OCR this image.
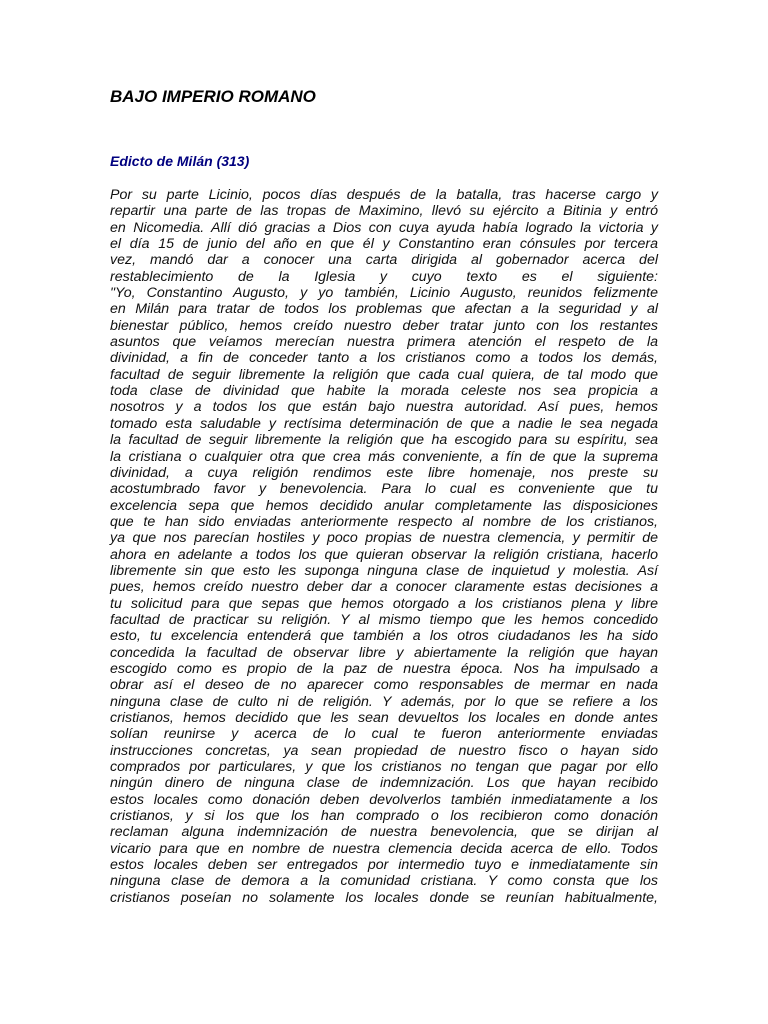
BAJO IMPERIO ROMANO
Edicto de Milán (313)
Por su parte Licinio, pocos días después de la batalla, tras hacerse cargo y
repartir una parte de las tropas de Maximino, llevó su ejército a Bitinia y entró
en Nicomedia. Allí dió gracias a Dios con cuya ayuda había logrado la victoria y
el día 15 de junio del año en que él y Constantino eran cónsules por tercera
vez, mandó dar a conocer una carta dirigida al gobernador acerca del
restablecimiento de la Iglesia y cuyo texto es el siguiente:
"Yo, Constantino Augusto, y yo también, Licinio Augusto, reunidos felizmente
en Milán para tratar de todos los problemas que afectan a la seguridad y al
bienestar público, hemos creído nuestro deber tratar junto con los restantes
asuntos que veíamos merecían nuestra primera atención el respeto de la
divinidad, a fin de conceder tanto a los cristianos como a todos los demás,
facultad de seguir libremente la religión que cada cual quiera, de tal modo que
toda clase de divinidad que habite la morada celeste nos sea propicia a
nosotros y a todos los que están bajo nuestra autoridad. Así pues, hemos
tomado esta saludable y rectísima determinación de que a nadie le sea negada
la facultad de seguir libremente la religión que ha escogido para su espíritu, sea
la cristiana o cualquier otra que crea más conveniente, a fín de que la suprema
divinidad, a cuya religión rendimos este libre homenaje, nos preste su
acostumbrado favor y benevolencia. Para lo cual es conveniente que tu
excelencia sepa que hemos decidido anular completamente las disposiciones
que te han sido enviadas anteriormente respecto al nombre de los cristianos,
ya que nos parecían hostiles y poco propias de nuestra clemencia, y permitir de
ahora en adelante a todos los que quieran observar la religión cristiana, hacerlo
libremente sin que esto les suponga ninguna clase de inquietud y molestia. Así
pues, hemos creído nuestro deber dar a conocer claramente estas decisiones a
tu solicitud para que sepas que hemos otorgado a los cristianos plena y libre
facultad de practicar su religión. Y al mismo tiempo que les hemos concedido
esto, tu excelencia entenderá que también a los otros ciudadanos les ha sido
concedida la facultad de observar libre y abiertamente la religión que hayan
escogido como es propio de la paz de nuestra época. Nos ha impulsado a
obrar así el deseo de no aparecer como responsables de mermar en nada
ninguna clase de culto ni de religión. Y además, por lo que se refiere a los
cristianos, hemos decidido que les sean devueltos los locales en donde antes
solían reunirse y acerca de lo cual te fueron anteriormente enviadas
instrucciones concretas, ya sean propiedad de nuestro fisco o hayan sido
comprados por particulares, y que los cristianos no tengan que pagar por ello
ningún dinero de ninguna clase de indemnización. Los que hayan recibido
estos locales como donación deben devolverlos también inmediatamente a los
cristianos, y si los que los han comprado o los recibieron como donación
reclaman alguna indemnización de nuestra benevolencia, que se dirijan al
vicario para que en nombre de nuestra clemencia decida acerca de ello. Todos
estos locales deben ser entregados por intermedio tuyo e inmediatamente sin
ninguna clase de demora a la comunidad cristiana. Y como consta que los
cristianos poseían no solamente los locales donde se reunían habitualmente,
